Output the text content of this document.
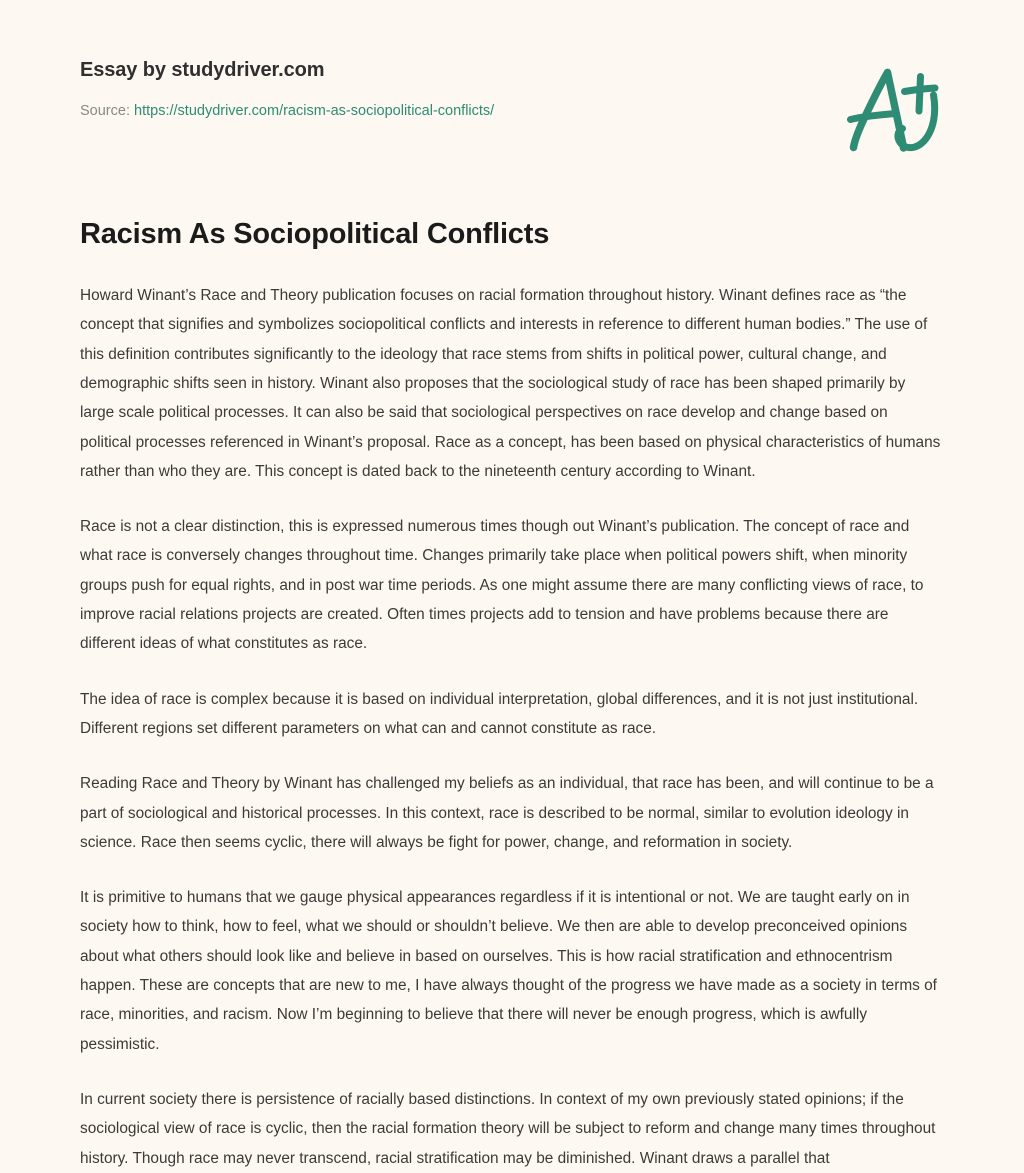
Essay by studydriver.com
Source: https://studydriver.com/racism-as-sociopolitical-conflicts/
Racism As Sociopolitical Conflicts

Howard Winant’s Race and Theory publication focuses on racial formation throughout history. Winant defines race as “the concept that signifies and symbolizes sociopolitical conflicts and interests in reference to different human bodies.” The use of this definition contributes significantly to the ideology that race stems from shifts in political power, cultural change, and demographic shifts seen in history. Winant also proposes that the sociological study of race has been shaped primarily by large scale political processes. It can also be said that sociological perspectives on race develop and change based on political processes referenced in Winant’s proposal. Race as a concept, has been based on physical characteristics of humans rather than who they are. This concept is dated back to the nineteenth century according to Winant.

Race is not a clear distinction, this is expressed numerous times though out Winant’s publication. The concept of race and what race is conversely changes throughout time. Changes primarily take place when political powers shift, when minority groups push for equal rights, and in post war time periods. As one might assume there are many conflicting views of race, to improve racial relations projects are created. Often times projects add to tension and have problems because there are different ideas of what constitutes as race.

The idea of race is complex because it is based on individual interpretation, global differences, and it is not just institutional. Different regions set different parameters on what can and cannot constitute as race.

Reading Race and Theory by Winant has challenged my beliefs as an individual, that race has been, and will continue to be a part of sociological and historical processes. In this context, race is described to be normal, similar to evolution ideology in science. Race then seems cyclic, there will always be fight for power, change, and reformation in society.

It is primitive to humans that we gauge physical appearances regardless if it is intentional or not. We are taught early on in society how to think, how to feel, what we should or shouldn’t believe. We then are able to develop preconceived opinions about what others should look like and believe in based on ourselves. This is how racial stratification and ethnocentrism happen. These are concepts that are new to me, I have always thought of the progress we have made as a society in terms of race, minorities, and racism. Now I’m beginning to believe that there will never be enough progress, which is awfully pessimistic.

In current society there is persistence of racially based distinctions. In context of my own previously stated opinions; if the sociological view of race is cyclic, then the racial formation theory will be subject to reform and change many times throughout history. Though race may never transcend, racial stratification may be diminished. Winant draws a parallel that
